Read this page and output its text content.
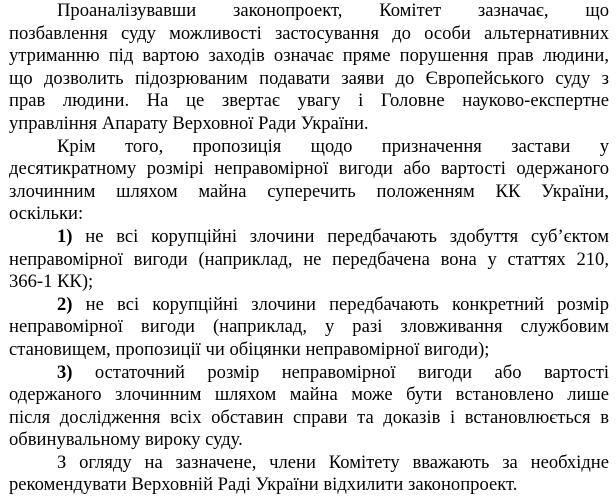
Проаналізувавши законопроект, Комітет зазначає, що
позбавлення суду можливості застосування до особи альтернативних
утриманню під вартою заходів означає пряме порушення прав людини,
що дозволить підозрюваним подавати заяви до Європейського суду з
прав людини. На це звертає увагу і Головне науково-експертне
управління Апарату Верховної Ради України.
Крім того, пропозиція щодо призначення застави у
десятикратному розмірі неправомірної вигоди або вартості одержаного
злочинним шляхом майна суперечить положенням КК України,
оскільки:
1) не всі корупційні злочини передбачають здобуття суб’єктом
неправомірної вигоди (наприклад, не передбачена вона у статтях 210,
366-1 КК);
2) не всі корупційні злочини передбачають конкретний розмір
неправомірної вигоди (наприклад, у разі зловживання службовим
становищем, пропозиції чи обіцянки неправомірної вигоди);
3) остаточний розмір неправомірної вигоди або вартості
одержаного злочинним шляхом майна може бути встановлено лише
після дослідження всіх обставин справи та доказів і встановлюється в
обвинувальному вироку суду.
З огляду на зазначене, члени Комітету вважають за необхідне
рекомендувати Верховній Раді України відхилити законопроект.
